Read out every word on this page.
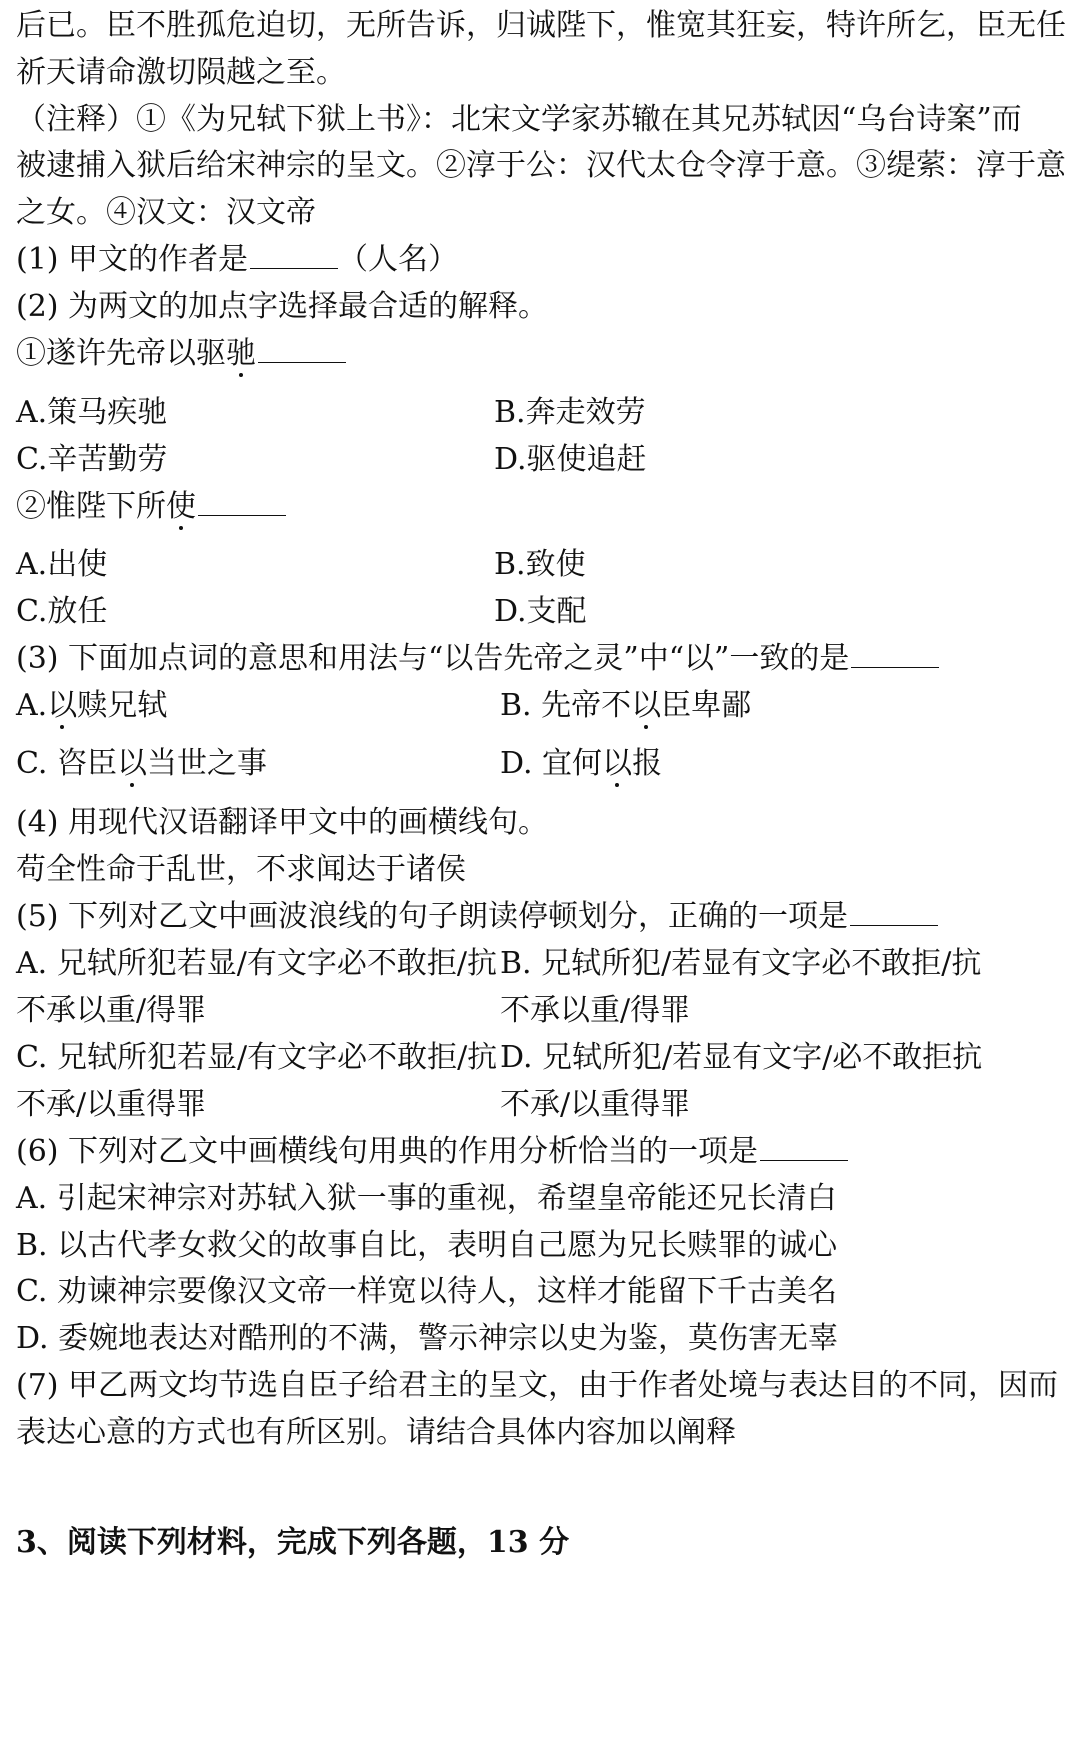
后已。臣不胜孤危迫切，无所告诉，归诚陛下，惟宽其狂妄，特许所乞，臣无任
祈天请命激切陨越之至。
（注释）①《为兄轼下狱上书》：北宋文学家苏辙在其兄苏轼因“乌台诗案”而
被逮捕入狱后给宋神宗的呈文。②淳于公：汉代太仓令淳于意。③缇萦：淳于意
之女。④汉文：汉文帝
(1) 甲文的作者是	（人名）
(2) 为两文的加点字选择最合适的解释。
①遂许先帝以驱驰
A.策马疾驰	B.奔走效劳
C.辛苦勤劳	D.驱使追赶
②惟陛下所使
A.出使	B.致使
C.放任	D.支配
(3) 下面加点词的意思和用法与“以告先帝之灵”中“以”一致的是
A.以赎兄轼	B. 先帝不以臣卑鄙
C. 咨臣以当世之事	D. 宜何以报
(4) 用现代汉语翻译甲文中的画横线句。
苟全性命于乱世，不求闻达于诸侯
(5) 下列对乙文中画波浪线的句子朗读停顿划分，正确的一项是
A. 兄轼所犯若显/有文字必不敢拒/抗 B. 兄轼所犯/若显有文字必不敢拒/抗
不承以重/得罪	不承以重/得罪
C. 兄轼所犯若显/有文字必不敢拒/抗 D. 兄轼所犯/若显有文字/必不敢拒抗
不承/以重得罪	不承/以重得罪
(6) 下列对乙文中画横线句用典的作用分析恰当的一项是
A. 引起宋神宗对苏轼入狱一事的重视，希望皇帝能还兄长清白
B. 以古代孝女救父的故事自比，表明自己愿为兄长赎罪的诚心
C. 劝谏神宗要像汉文帝一样宽以待人，这样才能留下千古美名
D. 委婉地表达对酷刑的不满，警示神宗以史为鉴，莫伤害无辜
(7) 甲乙两文均节选自臣子给君主的呈文，由于作者处境与表达目的不同，因而
表达心意的方式也有所区别。请结合具体内容加以阐释
3、阅读下列材料，完成下列各题，13 分
